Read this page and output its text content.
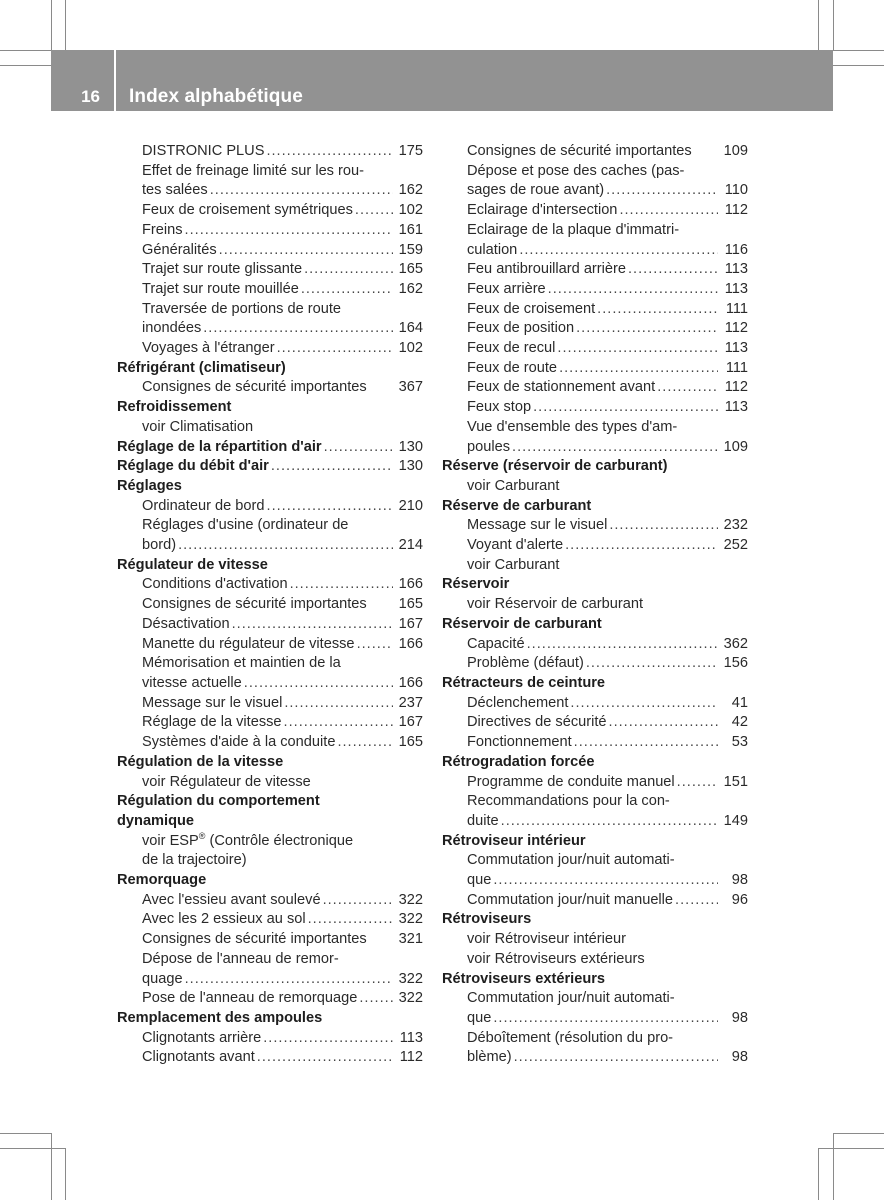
16	Index alphabétique
DISTRONIC PLUS .....	175
Effet de freinage limité sur les rou-
tes salées .....	162
Feux de croisement symétriques .....	102
Freins .....	161
Généralités .....	159
Trajet sur route glissante .....	165
Trajet sur route mouillée .....	162
Traversée de portions de route
inondées .....	164
Voyages à l'étranger .....	102
Réfrigérant (climatiseur)
Consignes de sécurité importantes 367
Refroidissement
voir Climatisation
Réglage de la répartition d'air .....	130
Réglage du débit d'air .....	130
Réglages
Ordinateur de bord .....	210
Réglages d'usine (ordinateur de
bord) .....	214
Régulateur de vitesse
Conditions d'activation .....	166
Consignes de sécurité importantes 165
Désactivation .....	167
Manette du régulateur de vitesse .....	166
Mémorisation et maintien de la
vitesse actuelle .....	166
Message sur le visuel .....	237
Réglage de la vitesse .....	167
Systèmes d'aide à la conduite .....	165
Régulation de la vitesse
voir Régulateur de vitesse
Régulation du comportement
dynamique
voir ESP® (Contrôle électronique
de la trajectoire)
Remorquage
Avec l'essieu avant soulevé .....	322
Avec les 2 essieux au sol .....	322
Consignes de sécurité importantes 321
Dépose de l'anneau de remor-
quage .....	322
Pose de l'anneau de remorquage .....	322
Remplacement des ampoules
Clignotants arrière .....	113
Clignotants avant .....	112
Consignes de sécurité importantes 109
Dépose et pose des caches (pas-
sages de roue avant) .....	110
Eclairage d'intersection .....	112
Eclairage de la plaque d'immatri-
culation .....	116
Feu antibrouillard arrière .....	113
Feux arrière .....	113
Feux de croisement .....	111
Feux de position .....	112
Feux de recul .....	113
Feux de route .....	111
Feux de stationnement avant .....	112
Feux stop .....	113
Vue d'ensemble des types d'am-
poules .....	109
Réserve (réservoir de carburant)
voir Carburant
Réserve de carburant
Message sur le visuel .....	232
Voyant d'alerte .....	252
voir Carburant
Réservoir
voir Réservoir de carburant
Réservoir de carburant
Capacité .....	362
Problème (défaut) .....	156
Rétracteurs de ceinture
Déclenchement .....	41
Directives de sécurité .....	42
Fonctionnement .....	53
Rétrogradation forcée
Programme de conduite manuel .....	151
Recommandations pour la con-
duite .....	149
Rétroviseur intérieur
Commutation jour/nuit automati-
que .....	98
Commutation jour/nuit manuelle .....	96
Rétroviseurs
voir Rétroviseur intérieur
voir Rétroviseurs extérieurs
Rétroviseurs extérieurs
Commutation jour/nuit automati-
que .....	98
Déboîtement (résolution du pro-
blème) .....	98
